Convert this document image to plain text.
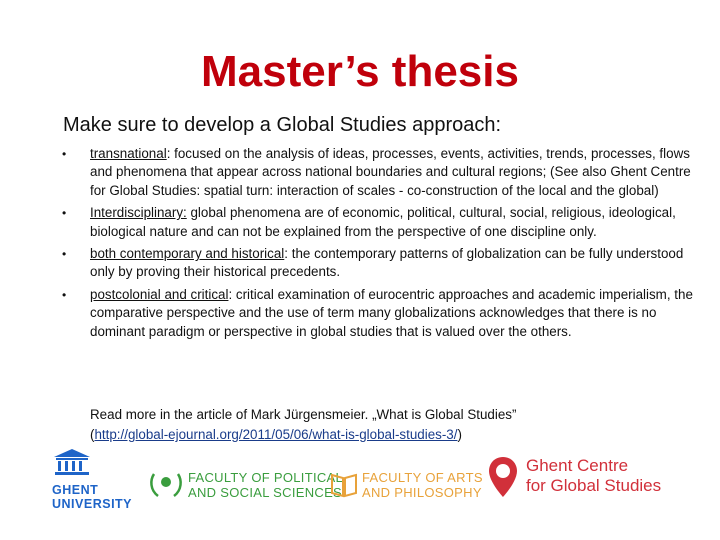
Master’s thesis
Make sure to develop a Global Studies approach:
• transnational: focused on the analysis of ideas, processes, events, activities, trends, processes, flows and phenomena that appear across national boundaries and cultural regions; (See also Ghent Centre for Global Studies: spatial turn: interaction of scales - co-construction of the local and the global)
• Interdisciplinary: global phenomena are of economic, political, cultural, social, religious, ideological, biological nature and can not be explained from the perspective of one discipline only.
• both contemporary and historical: the contemporary patterns of globalization can be fully understood only by proving their historical precedents.
• postcolonial and critical: critical examination of eurocentric approaches and academic imperialism, the comparative perspective and the use of term many globalizations acknowledges that there is no dominant paradigm or perspective in global studies that is valued over the others.
Read more in the article of Mark Jürgensmeier. „What is Global Studies”
(http://global-ejournal.org/2011/05/06/what-is-global-studies-3/)
GHENT
UNIVERSITY
FACULTY OF POLITICAL
AND SOCIAL SCIENCES
FACULTY OF ARTS
AND PHILOSOPHY
Ghent Centre
for Global Studies
